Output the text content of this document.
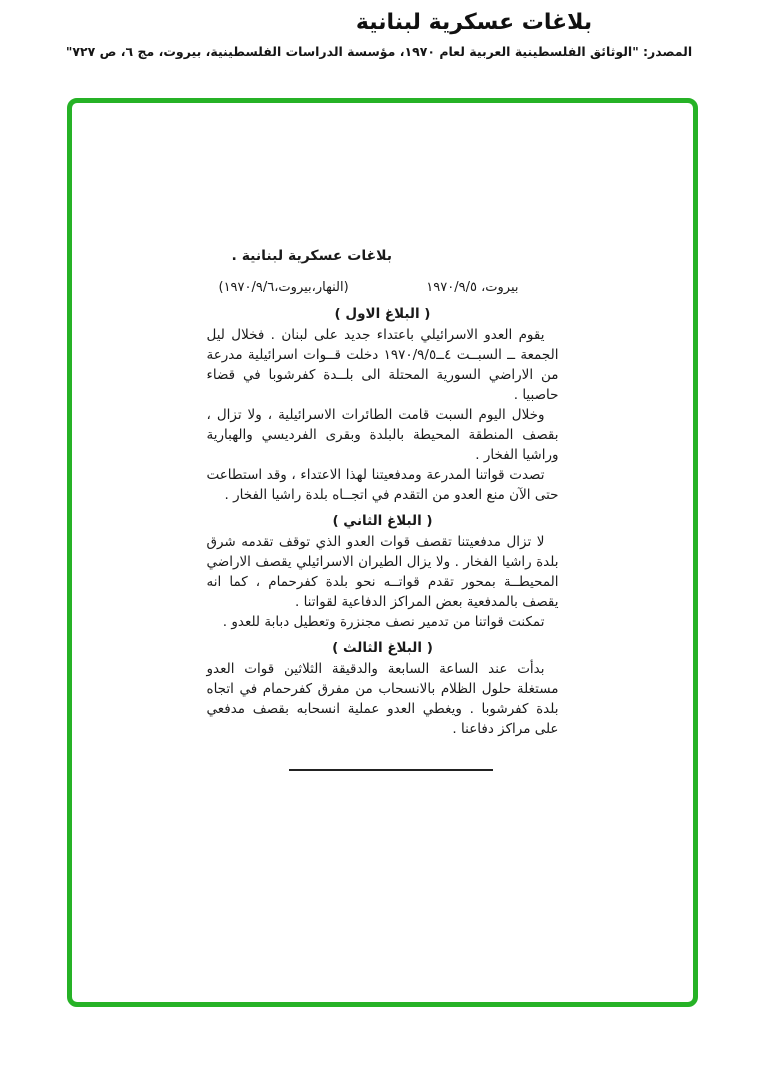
بلاغات عسكرية لبنانية
المصدر: "الوثائق الفلسطينية العربية لعام ١٩٧٠، مؤسسة الدراسات الفلسطينية، بيروت، مج ٦، ص ٧٢٧"
بلاغات عسكرية لبنانية .
بيروت، ١٩٧٠/٩/٥
(النهار،بيروت،١٩٧٠/٩/٦)
( البلاغ الاول )

يقوم العدو الاسرائيلي باعتداء جديد على لبنان . فخلال ليل الجمعة ــ السبــت ٤ــ١٩٧٠/٩/٥ دخلت قــوات اسرائيلية مدرعة من الاراضي السورية المحتلة الى بلــدة كفرشوبا في قضاء حاصبيا .

وخلال اليوم السبت قامت الطائرات الاسرائيلية ، ولا تزال ، بقصف المنطقة المحيطة بالبلدة وبقرى الفرديسي والهبارية وراشيا الفخار .

تصدت قواتنا المدرعة ومدفعيتنا لهذا الاعتداء ، وقد استطاعت حتى الآن منع العدو من التقدم في اتجــاه بلدة راشيا الفخار .

( البلاغ الثاني )

لا تزال مدفعيتنا تقصف قوات العدو الذي توقف تقدمه شرق بلدة راشيا الفخار . ولا يزال الطيران الاسرائيلي يقصف الاراضي المحيطــة بمحور تقدم قواتــه نحو بلدة كفرحمام ، كما انه يقصف بالمدفعية بعض المراكز الدفاعية لقواتنا .

تمكنت قواتنا من تدمير نصف مجنزرة وتعطيل دبابة للعدو .

( البلاغ الثالث )

بدأت عند الساعة السابعة والدقيقة الثلاثين قوات العدو مستغلة حلول الظلام بالانسحاب من مفرق كفرحمام في اتجاه بلدة كفرشوبا . ويغطي العدو عملية انسحابه بقصف مدفعي على مراكز دفاعنا .
